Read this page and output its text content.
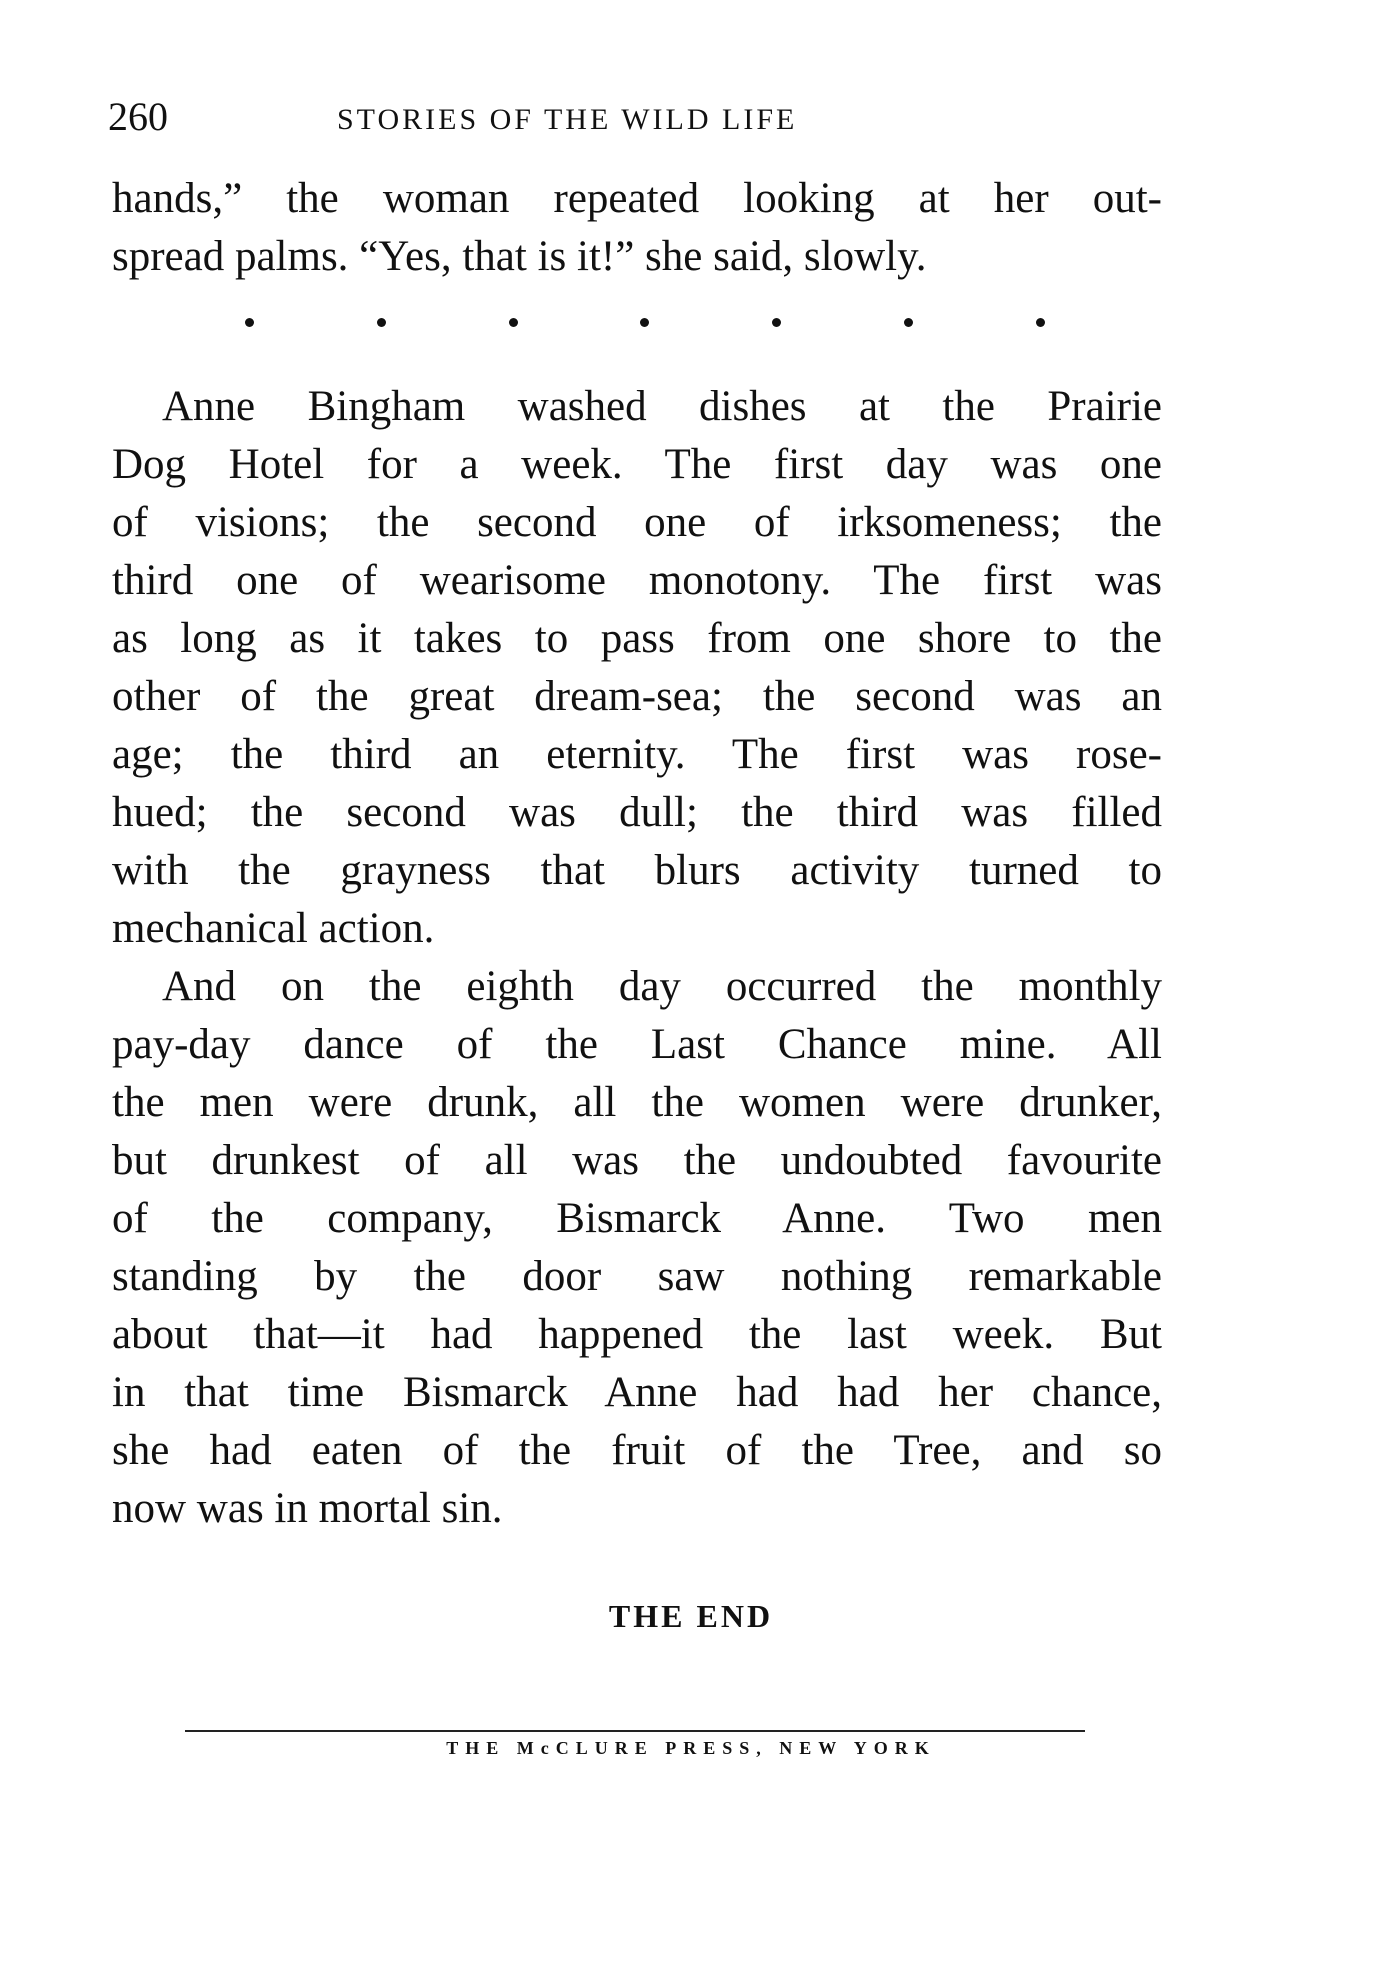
260	STORIES OF THE WILD LIFE
hands,” the woman repeated looking at her out-
spread palms. “Yes, that is it!” she said, slowly.
Anne Bingham washed dishes at the Prairie
Dog Hotel for a week. The first day was one
of visions; the second one of irksomeness; the
third one of wearisome monotony. The first was
as long as it takes to pass from one shore to the
other of the great dream-sea; the second was an
age; the third an eternity. The first was rose-
hued; the second was dull; the third was filled
with the grayness that blurs activity turned to
mechanical action.
And on the eighth day occurred the monthly
pay-day dance of the Last Chance mine. All
the men were drunk, all the women were drunker,
but drunkest of all was the undoubted favourite
of the company, Bismarck Anne. Two men
standing by the door saw nothing remarkable
about that—it had happened the last week. But
in that time Bismarck Anne had had her chance,
she had eaten of the fruit of the Tree, and so
now was in mortal sin.
THE END
THE McCLURE PRESS, NEW YORK
